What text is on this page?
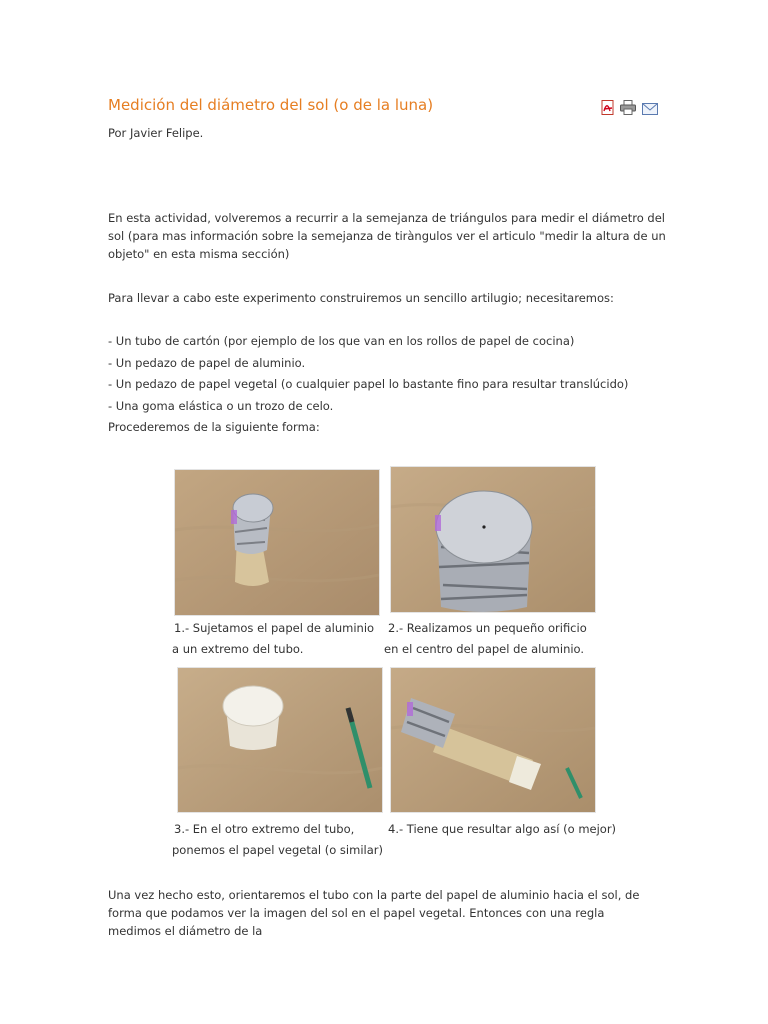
Medición del diámetro del sol (o de la luna)
Por Javier Felipe.
En esta actividad, volveremos a recurrir a la semejanza de triángulos para medir el diámetro del sol (para mas información sobre la semejanza de tiràngulos ver el articulo "medir la altura de un objeto" en esta misma sección)
Para llevar a cabo este experimento construiremos un sencillo artilugio; necesitaremos:
- Un tubo de cartón (por ejemplo de los que van en los rollos de papel de cocina)
- Un pedazo de papel de aluminio.
- Un pedazo de papel vegetal (o cualquier papel lo bastante fino para resultar translúcido)
- Una goma elástica o un trozo de celo.
Procederemos de la siguiente forma:
1.- Sujetamos el papel de aluminio
a un extremo del tubo.
2.- Realizamos un pequeño orificio
en el centro del papel de aluminio.
3.- En el otro extremo del tubo,
ponemos el papel vegetal (o similar)
4.- Tiene que resultar algo así (o mejor)
Una vez hecho esto, orientaremos el tubo con la parte del papel de aluminio hacia el sol, de forma que podamos ver la imagen del sol en el papel vegetal. Entonces con una regla medimos el diámetro de la
